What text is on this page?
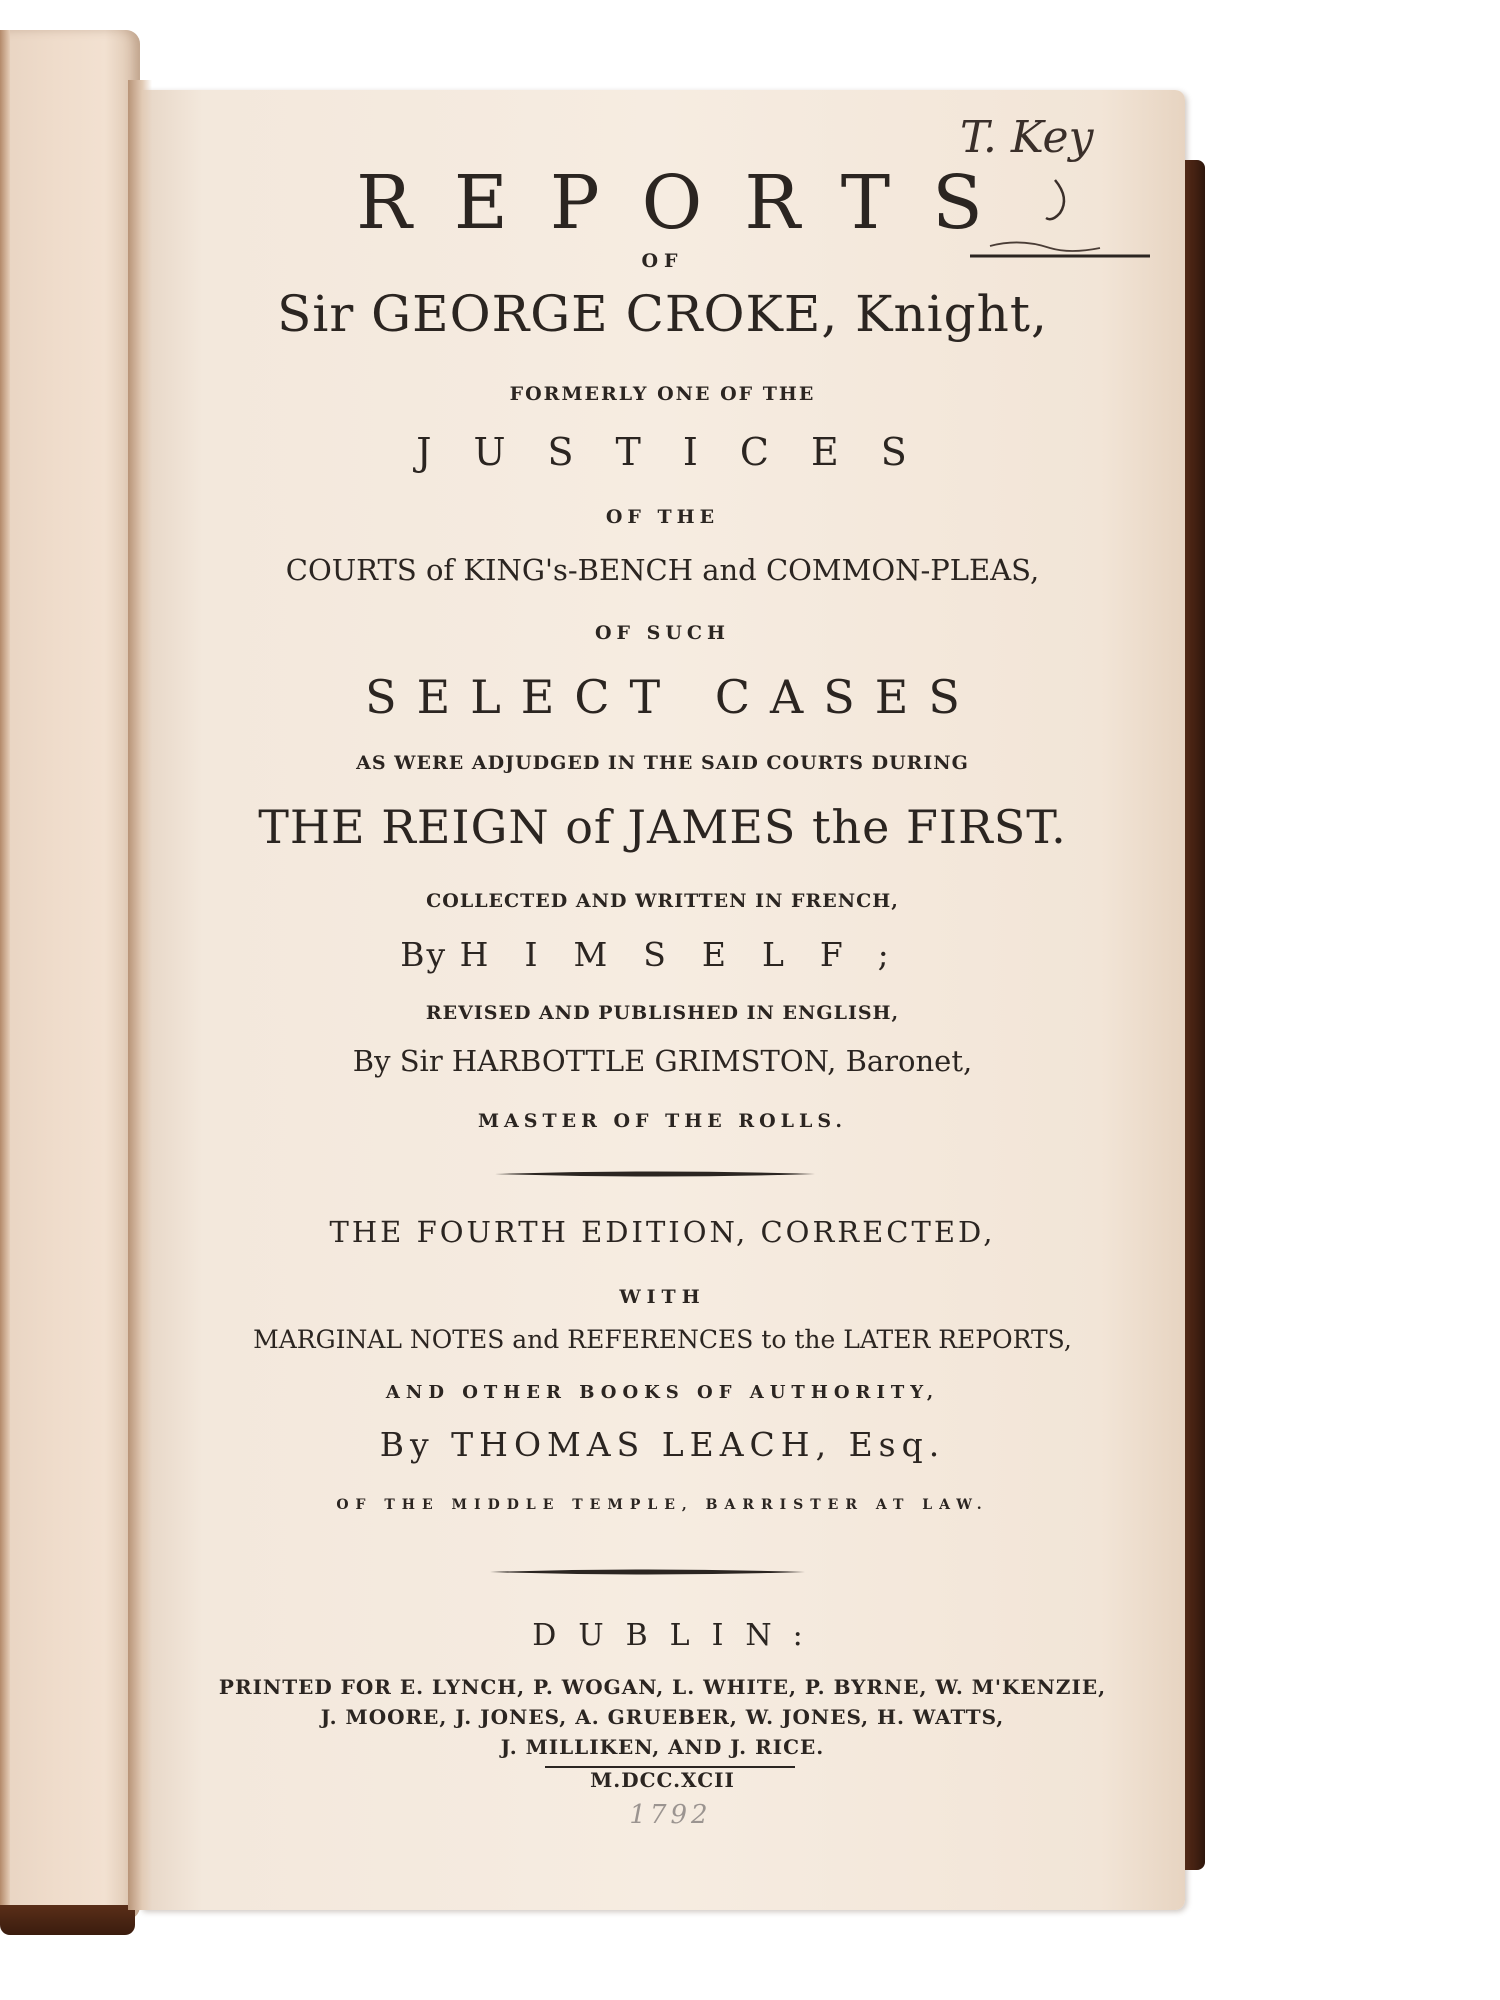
REPORTS
OF
Sir GEORGE CROKE, Knight,
FORMERLY ONE OF THE
JUSTICES
OF THE
COURTS of KING's-BENCH and COMMON-PLEAS,
OF SUCH
SELECT CASES
AS WERE ADJUDGED IN THE SAID COURTS DURING
THE REIGN of JAMES the FIRST.
COLLECTED AND WRITTEN IN FRENCH,
By HIMSELF;
REVISED AND PUBLISHED IN ENGLISH,
By Sir HARBOTTLE GRIMSTON, Baronet,
MASTER OF THE ROLLS.
THE FOURTH EDITION, CORRECTED,
WITH
MARGINAL NOTES and REFERENCES to the LATER REPORTS,
AND OTHER BOOKS OF AUTHORITY,
By THOMAS LEACH, Esq.
OF THE MIDDLE TEMPLE, BARRISTER AT LAW.
DUBLIN:
PRINTED FOR E. LYNCH, P. WOGAN, L. WHITE, P. BYRNE, W. M'KENZIE,
J. MOORE, J. JONES, A. GRUEBER, W. JONES, H. WATTS,
J. MILLIKEN, AND J. RICE.
M.DCC.XCII
1792
T. Key
